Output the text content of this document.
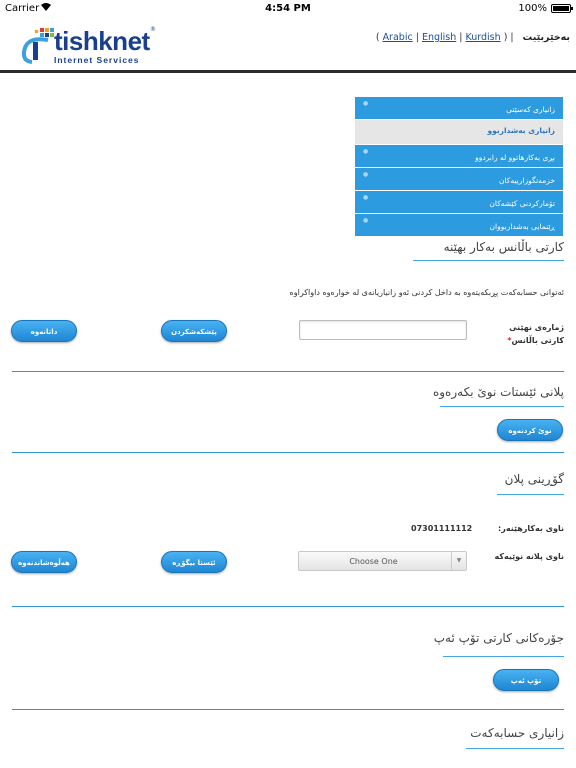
Carrier	4:54 PM	100%
tishknet ®
Internet Services
( Arabic | English | Kurdish ) | بەخێربێیت
●
زانیاری کەسێتی
زانیاری بەشداربوو
●
بڕی بەکارهاتوو لە رابردوو
●
خزمەتگوزارییەکان
●
تۆمارکردنی کێشەکان
●
ڕێنمایی بەشداربووان
کارتی باڵانس بەکار بهێنە
ئەتوانی حسابەکەت پڕبکەیتەوە بە داخل کردنی ئەو زانیاریانەی لە خوارەوە داواکراوە
ژمارەی نهێنی
کارتی باڵانس*
پێشکەشکردن
داتانەوە
پلانی ئێستات نوێ بکەرەوە
نوێ کردنەوە
گۆڕینی پلان
ناوی بەکارهێنەر:
07301111112
ناوی پلانە نوێیەکە
Choose One	▼
ئێستا بیگۆڕە
هەڵوەشاندنەوە
جۆرەکانی کارتی تۆپ ئەپ
تۆپ ئەپ
زانیاری حسابەکەت
